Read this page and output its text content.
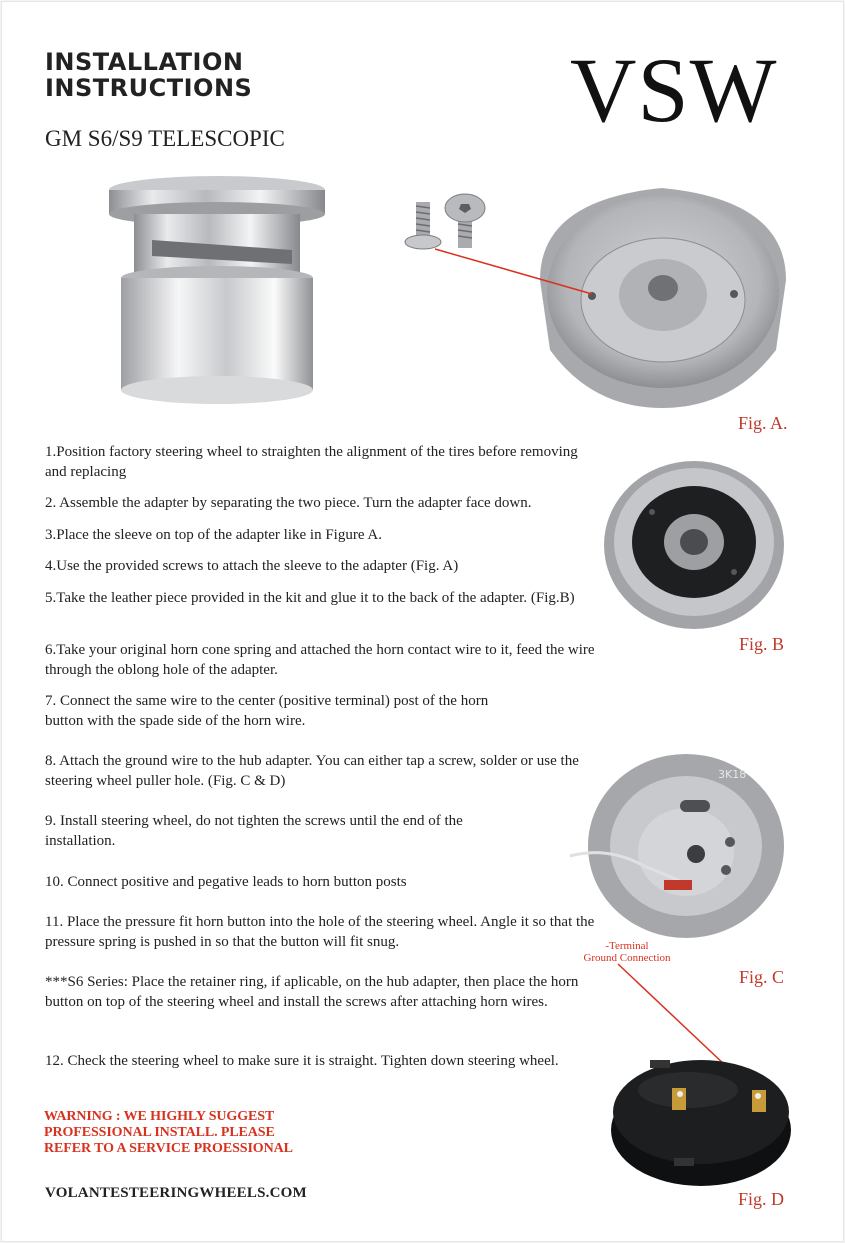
INSTALLATION
INSTRUCTIONS	VSW
GM S6/S9 TELESCOPIC
Fig. A.
Fig. B
3K18
-Terminal
Ground Connection
Fig. C
Fig. D
1.Position factory steering wheel to straighten the alignment of the tires before removing and replacing
2. Assemble the adapter by separating the two piece. Turn the adapter face down.
3.Place the sleeve on top of the adapter like in Figure A.
4.Use the provided screws to attach the sleeve to the adapter (Fig. A)
5.Take the leather piece provided in the kit and glue it to the back of the adapter. (Fig.B)
6.Take your original horn cone spring and attached the horn contact wire to it, feed the wire through the oblong hole of the adapter.
7. Connect the same wire to the center (positive terminal) post of the horn
button with the spade side of the horn wire.
8. Attach the ground wire to the hub adapter. You can either tap a screw, solder or use the steering wheel puller hole. (Fig. C & D)
9. Install steering wheel, do not tighten the screws until the end of the
installation.
10. Connect positive and pegative leads to horn button posts
11. Place the pressure fit horn button into the hole of the steering wheel. Angle it so that the pressure spring is pushed in so that the button will fit snug.
***S6 Series: Place the retainer ring, if aplicable, on the hub adapter, then place the horn button on top of the steering wheel and install the screws after attaching horn wires.
12. Check the steering wheel to make sure it is straight. Tighten down steering wheel.
WARNING : WE HIGHLY SUGGEST
PROFESSIONAL INSTALL. PLEASE
REFER TO A SERVICE PROESSIONAL
VOLANTESTEERINGWHEELS.COM
